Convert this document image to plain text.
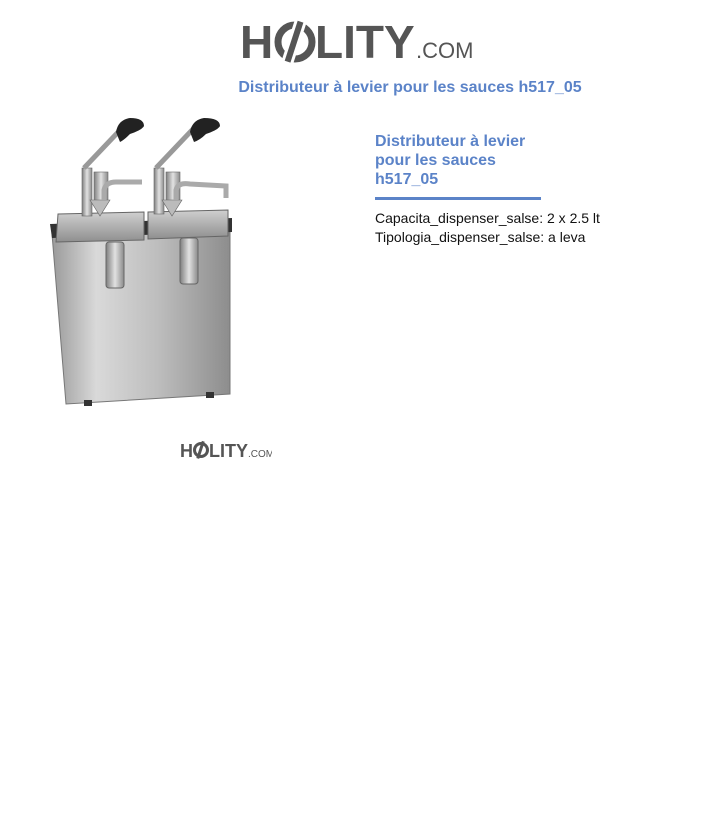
H LITY .COM
Distributeur à levier pour les sauces h517_05
H LITY .COM
Distributeur à levier
pour les sauces
h517_05
Capacita_dispenser_salse: 2 x 2.5 lt
Tipologia_dispenser_salse: a leva
